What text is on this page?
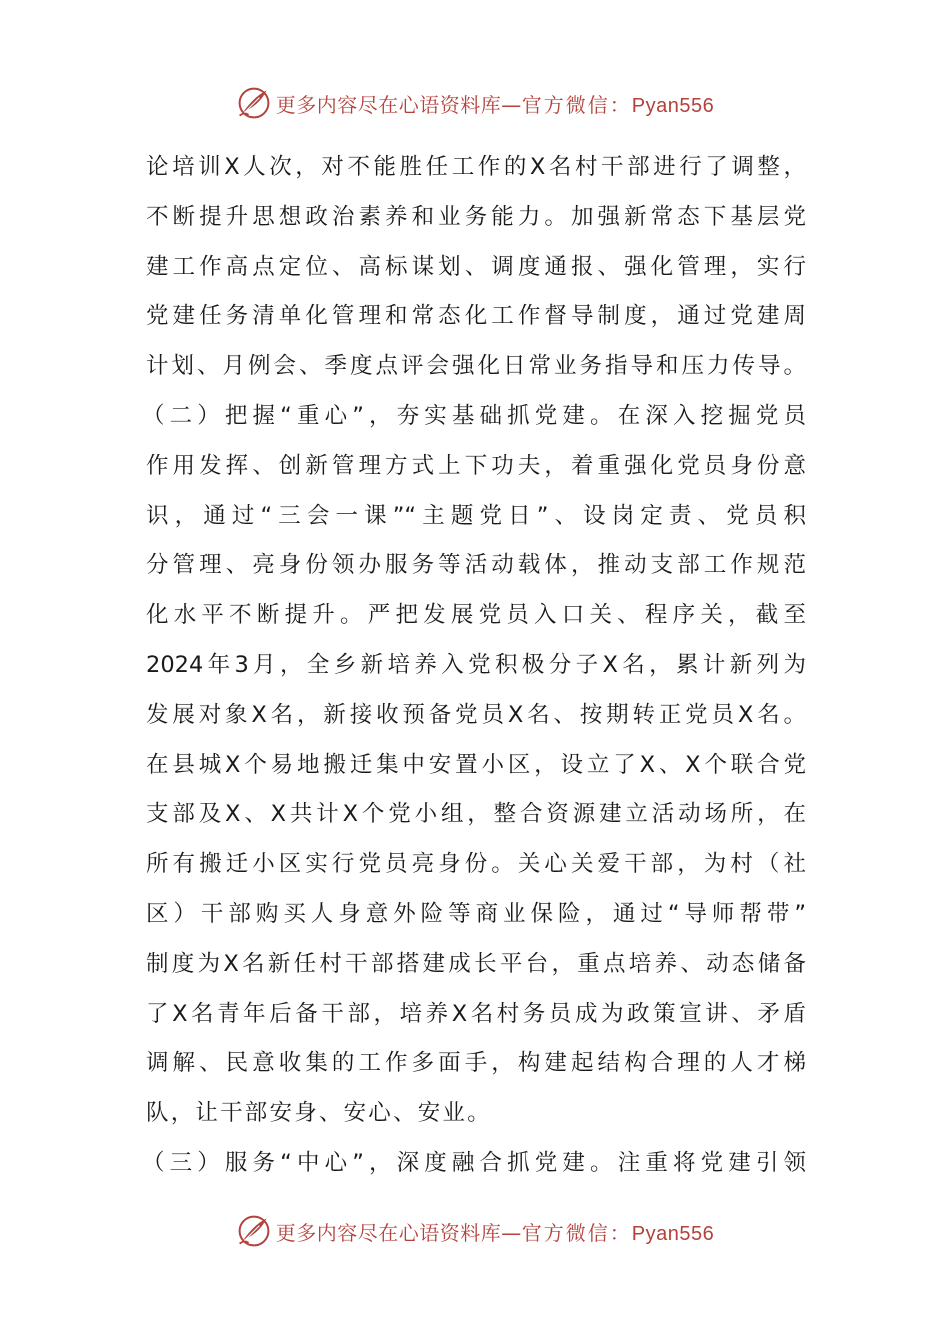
更多内容尽在心语资料库—官方微信：Pyan556
论培训X人次，对不能胜任工作的X名村干部进行了调整，
不断提升思想政治素养和业务能力。加强新常态下基层党
建工作高点定位、高标谋划、调度通报、强化管理，实行
党建任务清单化管理和常态化工作督导制度，通过党建周
计划、月例会、季度点评会强化日常业务指导和压力传导。
（二）把握“重心”，夯实基础抓党建。在深入挖掘党员
作用发挥、创新管理方式上下功夫，着重强化党员身份意
识，通过“三会一课”“主题党日”、设岗定责、党员积
分管理、亮身份领办服务等活动载体，推动支部工作规范
化水平不断提升。严把发展党员入口关、程序关，截至
2024年3月，全乡新培养入党积极分子X名，累计新列为
发展对象X名，新接收预备党员X名、按期转正党员X名。
在县城X个易地搬迁集中安置小区，设立了X、X个联合党
支部及X、X共计X个党小组，整合资源建立活动场所，在
所有搬迁小区实行党员亮身份。关心关爱干部，为村（社
区）干部购买人身意外险等商业保险，通过“导师帮带”
制度为X名新任村干部搭建成长平台，重点培养、动态储备
了X名青年后备干部，培养X名村务员成为政策宣讲、矛盾
调解、民意收集的工作多面手，构建起结构合理的人才梯
队，让干部安身、安心、安业。
（三）服务“中心”，深度融合抓党建。注重将党建引领
更多内容尽在心语资料库—官方微信：Pyan556
